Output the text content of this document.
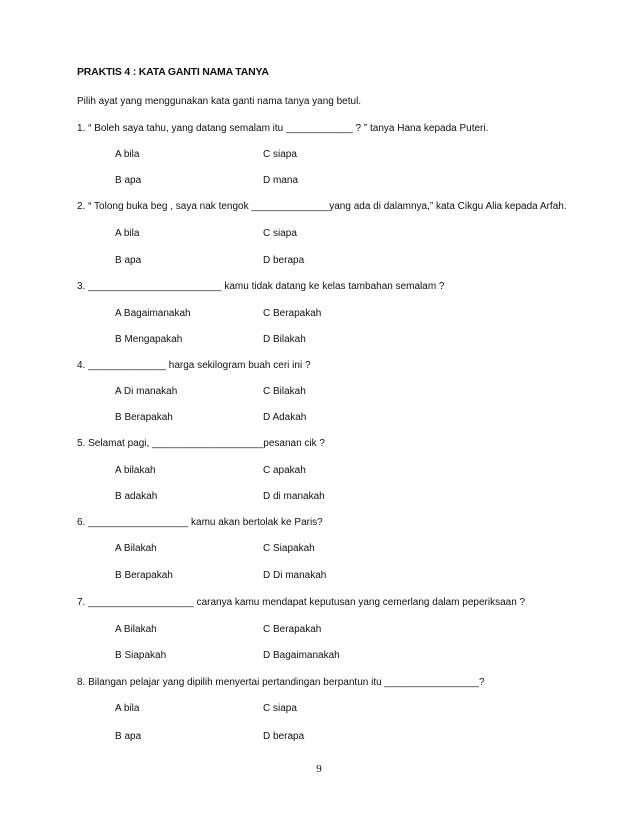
PRAKTIS 4 : KATA GANTI NAMA TANYA
Pilih ayat yang menggunakan kata ganti nama tanya yang betul.
1. “ Boleh saya tahu, yang datang semalam itu ____________ ? ” tanya Hana kepada Puteri.
A bila	C siapa
B apa	D mana
2. “ Tolong buka beg , saya nak tengok ______________yang ada di dalamnya,” kata Cikgu Alia kepada Arfah.
A bila	C siapa
B apa	D berapa
3. ________________________ kamu tidak datang ke kelas tambahan semalam ?
A Bagaimanakah	C Berapakah
B Mengapakah	D Bilakah
4. ______________ harga sekilogram buah ceri ini ?
A Di manakah	C Bilakah
B Berapakah	D Adakah
5. Selamat pagi, ____________________pesanan cik ?
A bilakah	C apakah
B adakah	D di manakah
6. __________________ kamu akan bertolak ke Paris?
A Bilakah	C Siapakah
B Berapakah	D Di manakah
7. ___________________ caranya kamu mendapat keputusan yang cemerlang dalam peperiksaan ?
A Bilakah	C Berapakah
B Siapakah	D Bagaimanakah
8. Bilangan pelajar yang dipilih menyertai pertandingan berpantun itu _________________?
A bila	C siapa
B apa	D berapa
9
